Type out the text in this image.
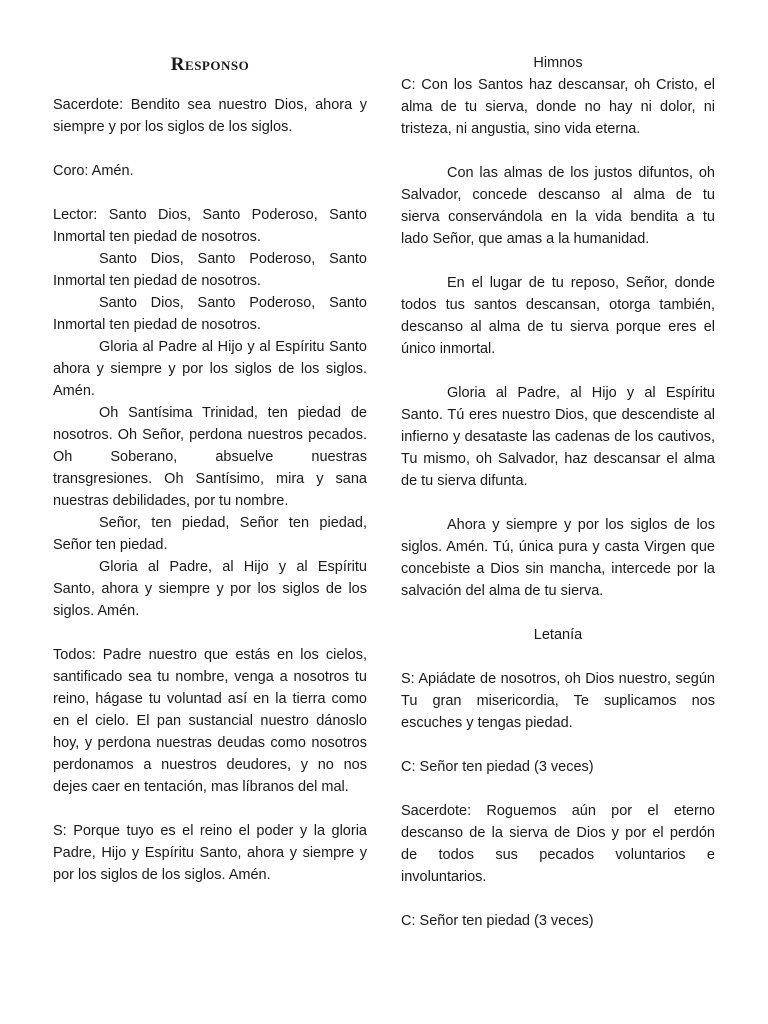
Responso

Sacerdote: Bendito sea nuestro Dios, ahora y siempre y por los siglos de los siglos.

Coro: Amén.

Lector: Santo Dios, Santo Poderoso, Santo Inmortal ten piedad de nosotros.

Santo Dios, Santo Poderoso, Santo Inmortal ten piedad de nosotros.

Santo Dios, Santo Poderoso, Santo Inmortal ten piedad de nosotros.

Gloria al Padre al Hijo y al Espíritu Santo ahora y siempre y por los siglos de los siglos. Amén.

Oh Santísima Trinidad, ten piedad de nosotros. Oh Señor, perdona nuestros pecados. Oh Soberano, absuelve nuestras transgresiones. Oh Santísimo, mira y sana nuestras debilidades, por tu nombre.

Señor, ten piedad, Señor ten piedad, Señor ten piedad.

Gloria al Padre, al Hijo y al Espíritu Santo, ahora y siempre y por los siglos de los siglos. Amén.

Todos: Padre nuestro que estás en los cielos, santificado sea tu nombre, venga a nosotros tu reino, hágase tu voluntad así en la tierra como en el cielo. El pan sustancial nuestro dánoslo hoy, y perdona nuestras deudas como nosotros perdonamos a nuestros deudores, y no nos dejes caer en tentación, mas líbranos del mal.

S: Porque tuyo es el reino el poder y la gloria Padre, Hijo y Espíritu Santo, ahora y siempre y por los siglos de los siglos. Amén.

Himnos

C: Con los Santos haz descansar, oh Cristo, el alma de tu sierva, donde no hay ni dolor, ni tristeza, ni angustia, sino vida eterna.

Con las almas de los justos difuntos, oh Salvador, concede descanso al alma de tu sierva conservándola en la vida bendita a tu lado Señor, que amas a la humanidad.

En el lugar de tu reposo, Señor, donde todos tus santos descansan, otorga también, descanso al alma de tu sierva porque eres el único inmortal.

Gloria al Padre, al Hijo y al Espíritu Santo. Tú eres nuestro Dios, que descendiste al infierno y desataste las cadenas de los cautivos, Tu mismo, oh Salvador, haz descansar el alma de tu sierva difunta.

Ahora y siempre y por los siglos de los siglos. Amén. Tú, única pura y casta Virgen que concebiste a Dios sin mancha, intercede por la salvación del alma de tu sierva.

Letanía

S: Apiádate de nosotros, oh Dios nuestro, según Tu gran misericordia, Te suplicamos nos escuches y tengas piedad.

C: Señor ten piedad (3 veces)

Sacerdote: Roguemos aún por el eterno descanso de la sierva de Dios y por el perdón de todos sus pecados voluntarios e involuntarios.

C: Señor ten piedad (3 veces)
